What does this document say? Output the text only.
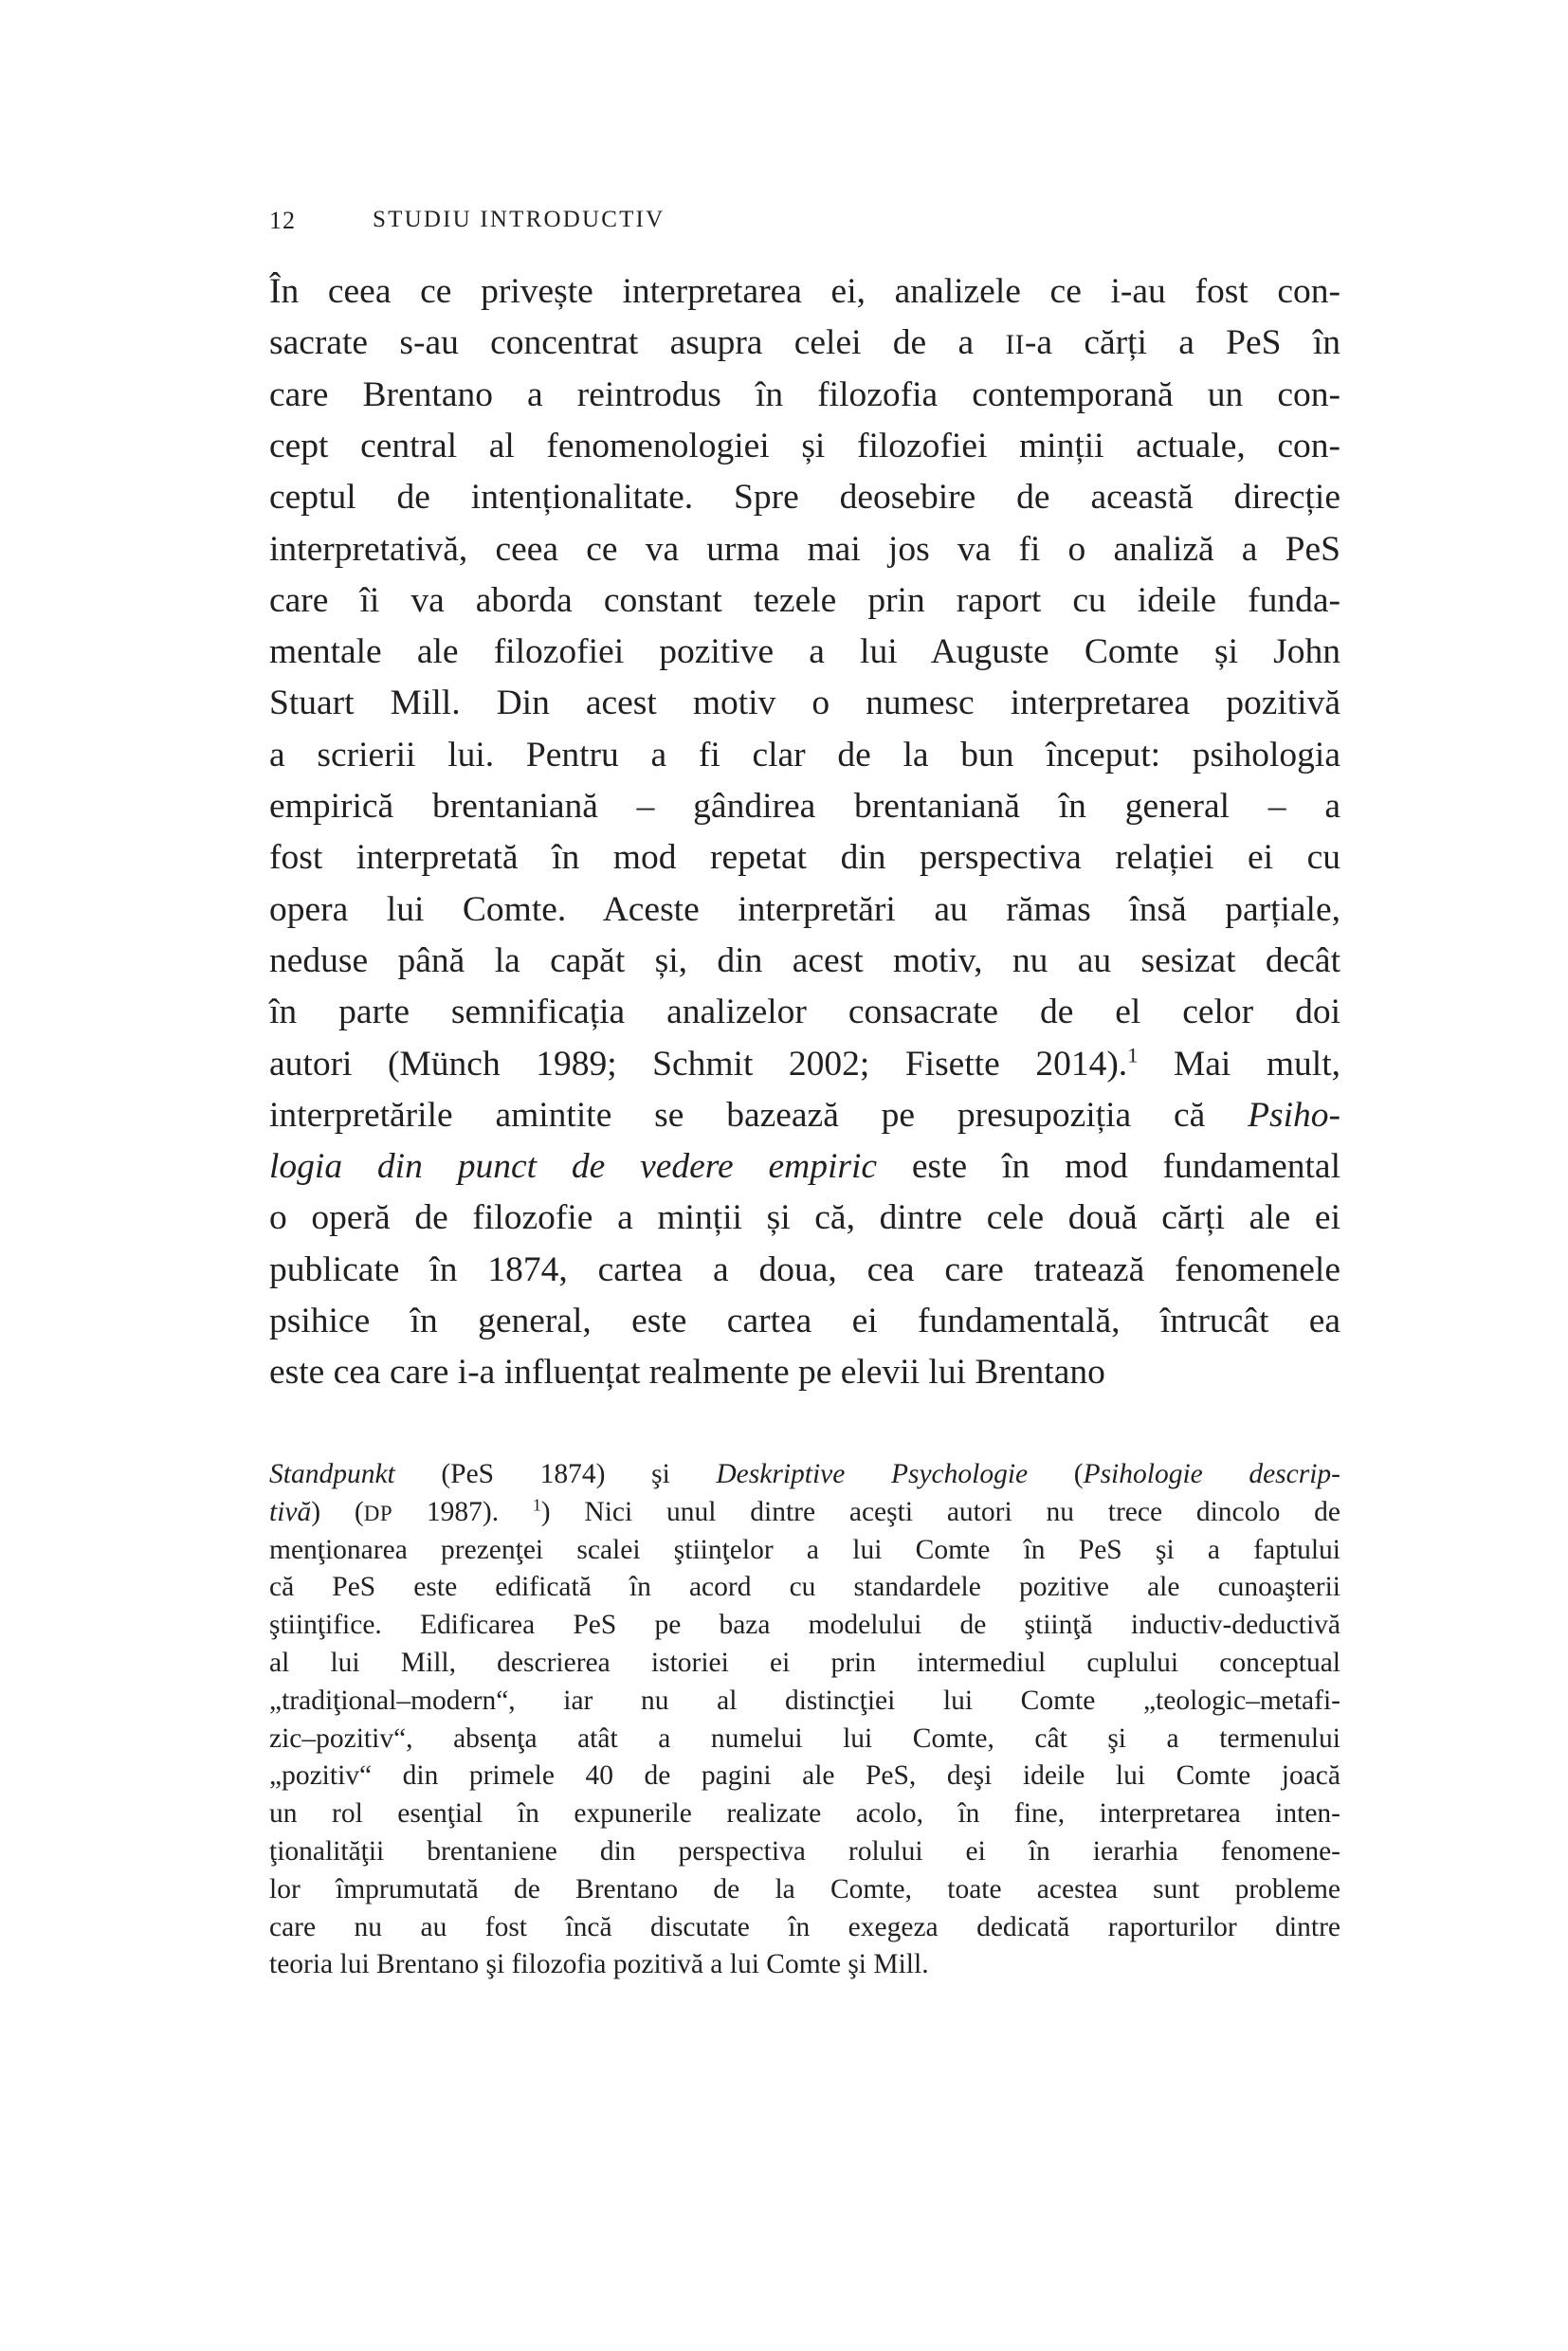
12	STUDIU INTRODUCTIV
În ceea ce privește interpretarea ei, analizele ce i-au fost con-
sacrate s-au concentrat asupra celei de a II-a cărți a PeS în
care Brentano a reintrodus în filozofia contemporană un con-
cept central al fenomenologiei și filozofiei minții actuale, con-
ceptul de intenționalitate. Spre deosebire de această direcție
interpretativă, ceea ce va urma mai jos va fi o analiză a PeS
care îi va aborda constant tezele prin raport cu ideile funda-
mentale ale filozofiei pozitive a lui Auguste Comte și John
Stuart Mill. Din acest motiv o numesc interpretarea pozitivă
a scrierii lui. Pentru a fi clar de la bun început: psihologia
empirică brentaniană – gândirea brentaniană în general – a
fost interpretată în mod repetat din perspectiva relației ei cu
opera lui Comte. Aceste interpretări au rămas însă parțiale,
neduse până la capăt și, din acest motiv, nu au sesizat decât
în parte semnificația analizelor consacrate de el celor doi
autori (Münch 1989; Schmit 2002; Fisette 2014).$^1$ Mai mult,
interpretările amintite se bazează pe presupoziția că Psiho-
logia din punct de vedere empiric este în mod fundamental
o operă de filozofie a minții și că, dintre cele două cărți ale ei
publicate în 1874, cartea a doua, cea care tratează fenomenele
psihice în general, este cartea ei fundamentală, întrucât ea
este cea care i-a influențat realmente pe elevii lui Brentano
Standpunkt (PeS 1874) şi Deskriptive Psychologie (Psihologie descrip-
tivă) (DP 1987). $^1$) Nici unul dintre aceşti autori nu trece dincolo de
menţionarea prezenţei scalei ştiinţelor a lui Comte în PeS şi a faptului
că PeS este edificată în acord cu standardele pozitive ale cunoaşterii
ştiinţifice. Edificarea PeS pe baza modelului de ştiinţă inductiv-deductivă
al lui Mill, descrierea istoriei ei prin intermediul cuplului conceptual
„tradiţional–modern“, iar nu al distincţiei lui Comte „teologic–metafi-
zic–pozitiv“, absenţa atât a numelui lui Comte, cât şi a termenului
„pozitiv“ din primele 40 de pagini ale PeS, deşi ideile lui Comte joacă
un rol esenţial în expunerile realizate acolo, în fine, interpretarea inten-
ţionalităţii brentaniene din perspectiva rolului ei în ierarhia fenomene-
lor împrumutată de Brentano de la Comte, toate acestea sunt probleme
care nu au fost încă discutate în exegeza dedicată raporturilor dintre
teoria lui Brentano şi filozofia pozitivă a lui Comte şi Mill.
